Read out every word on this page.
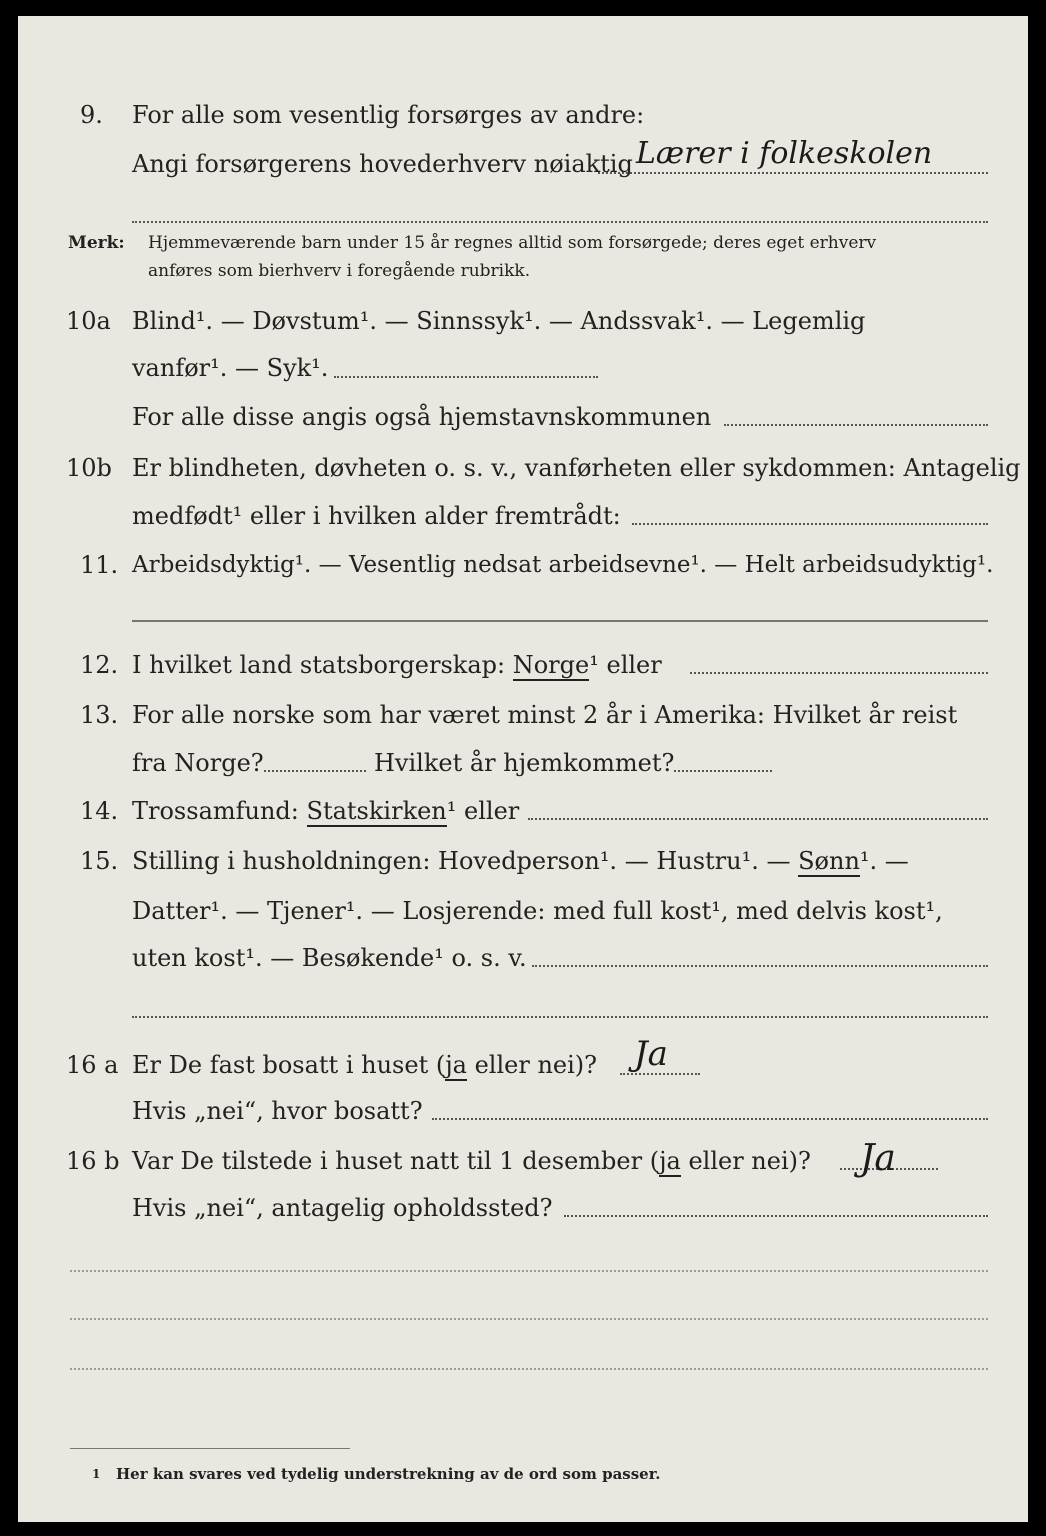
9. For alle som vesentlig forsørges av andre:
Angi forsørgerens hovederhverv nøiaktig Lærer i folkeskolen
Merk: Hjemmeværende barn under 15 år regnes alltid som forsørgede; deres eget erhverv
anføres som bierhverv i foregående rubrikk.
10a Blind¹. — Døvstum¹. — Sinnssyk¹. — Andssvak¹. — Legemlig
vanfør¹. — Syk¹.
For alle disse angis også hjemstavnskommunen
10b Er blindheten, døvheten o. s. v., vanførheten eller sykdommen: Antagelig
medfødt¹ eller i hvilken alder fremtrådt:
11. Arbeidsdyktig¹. — Vesentlig nedsat arbeidsevne¹. — Helt arbeidsudyktig¹.
12. I hvilket land statsborgerskap: Norge¹ eller
13. For alle norske som har været minst 2 år i Amerika: Hvilket år reist
fra Norge?	Hvilket år hjemkommet?
14. Trossamfund: Statskirken¹ eller
15. Stilling i husholdningen: Hovedperson¹. — Hustru¹. — Sønn¹. —
Datter¹. — Tjener¹. — Losjerende: med full kost¹, med delvis kost¹,
uten kost¹. — Besøkende¹ o. s. v.
16 a Er De fast bosatt i huset (ja eller nei)? Ja
Hvis „nei“, hvor bosatt?
16 b Var De tilstede i huset natt til 1 desember (ja eller nei)? Ja
Hvis „nei“, antagelig opholdssted?
1 Her kan svares ved tydelig understrekning av de ord som passer.
